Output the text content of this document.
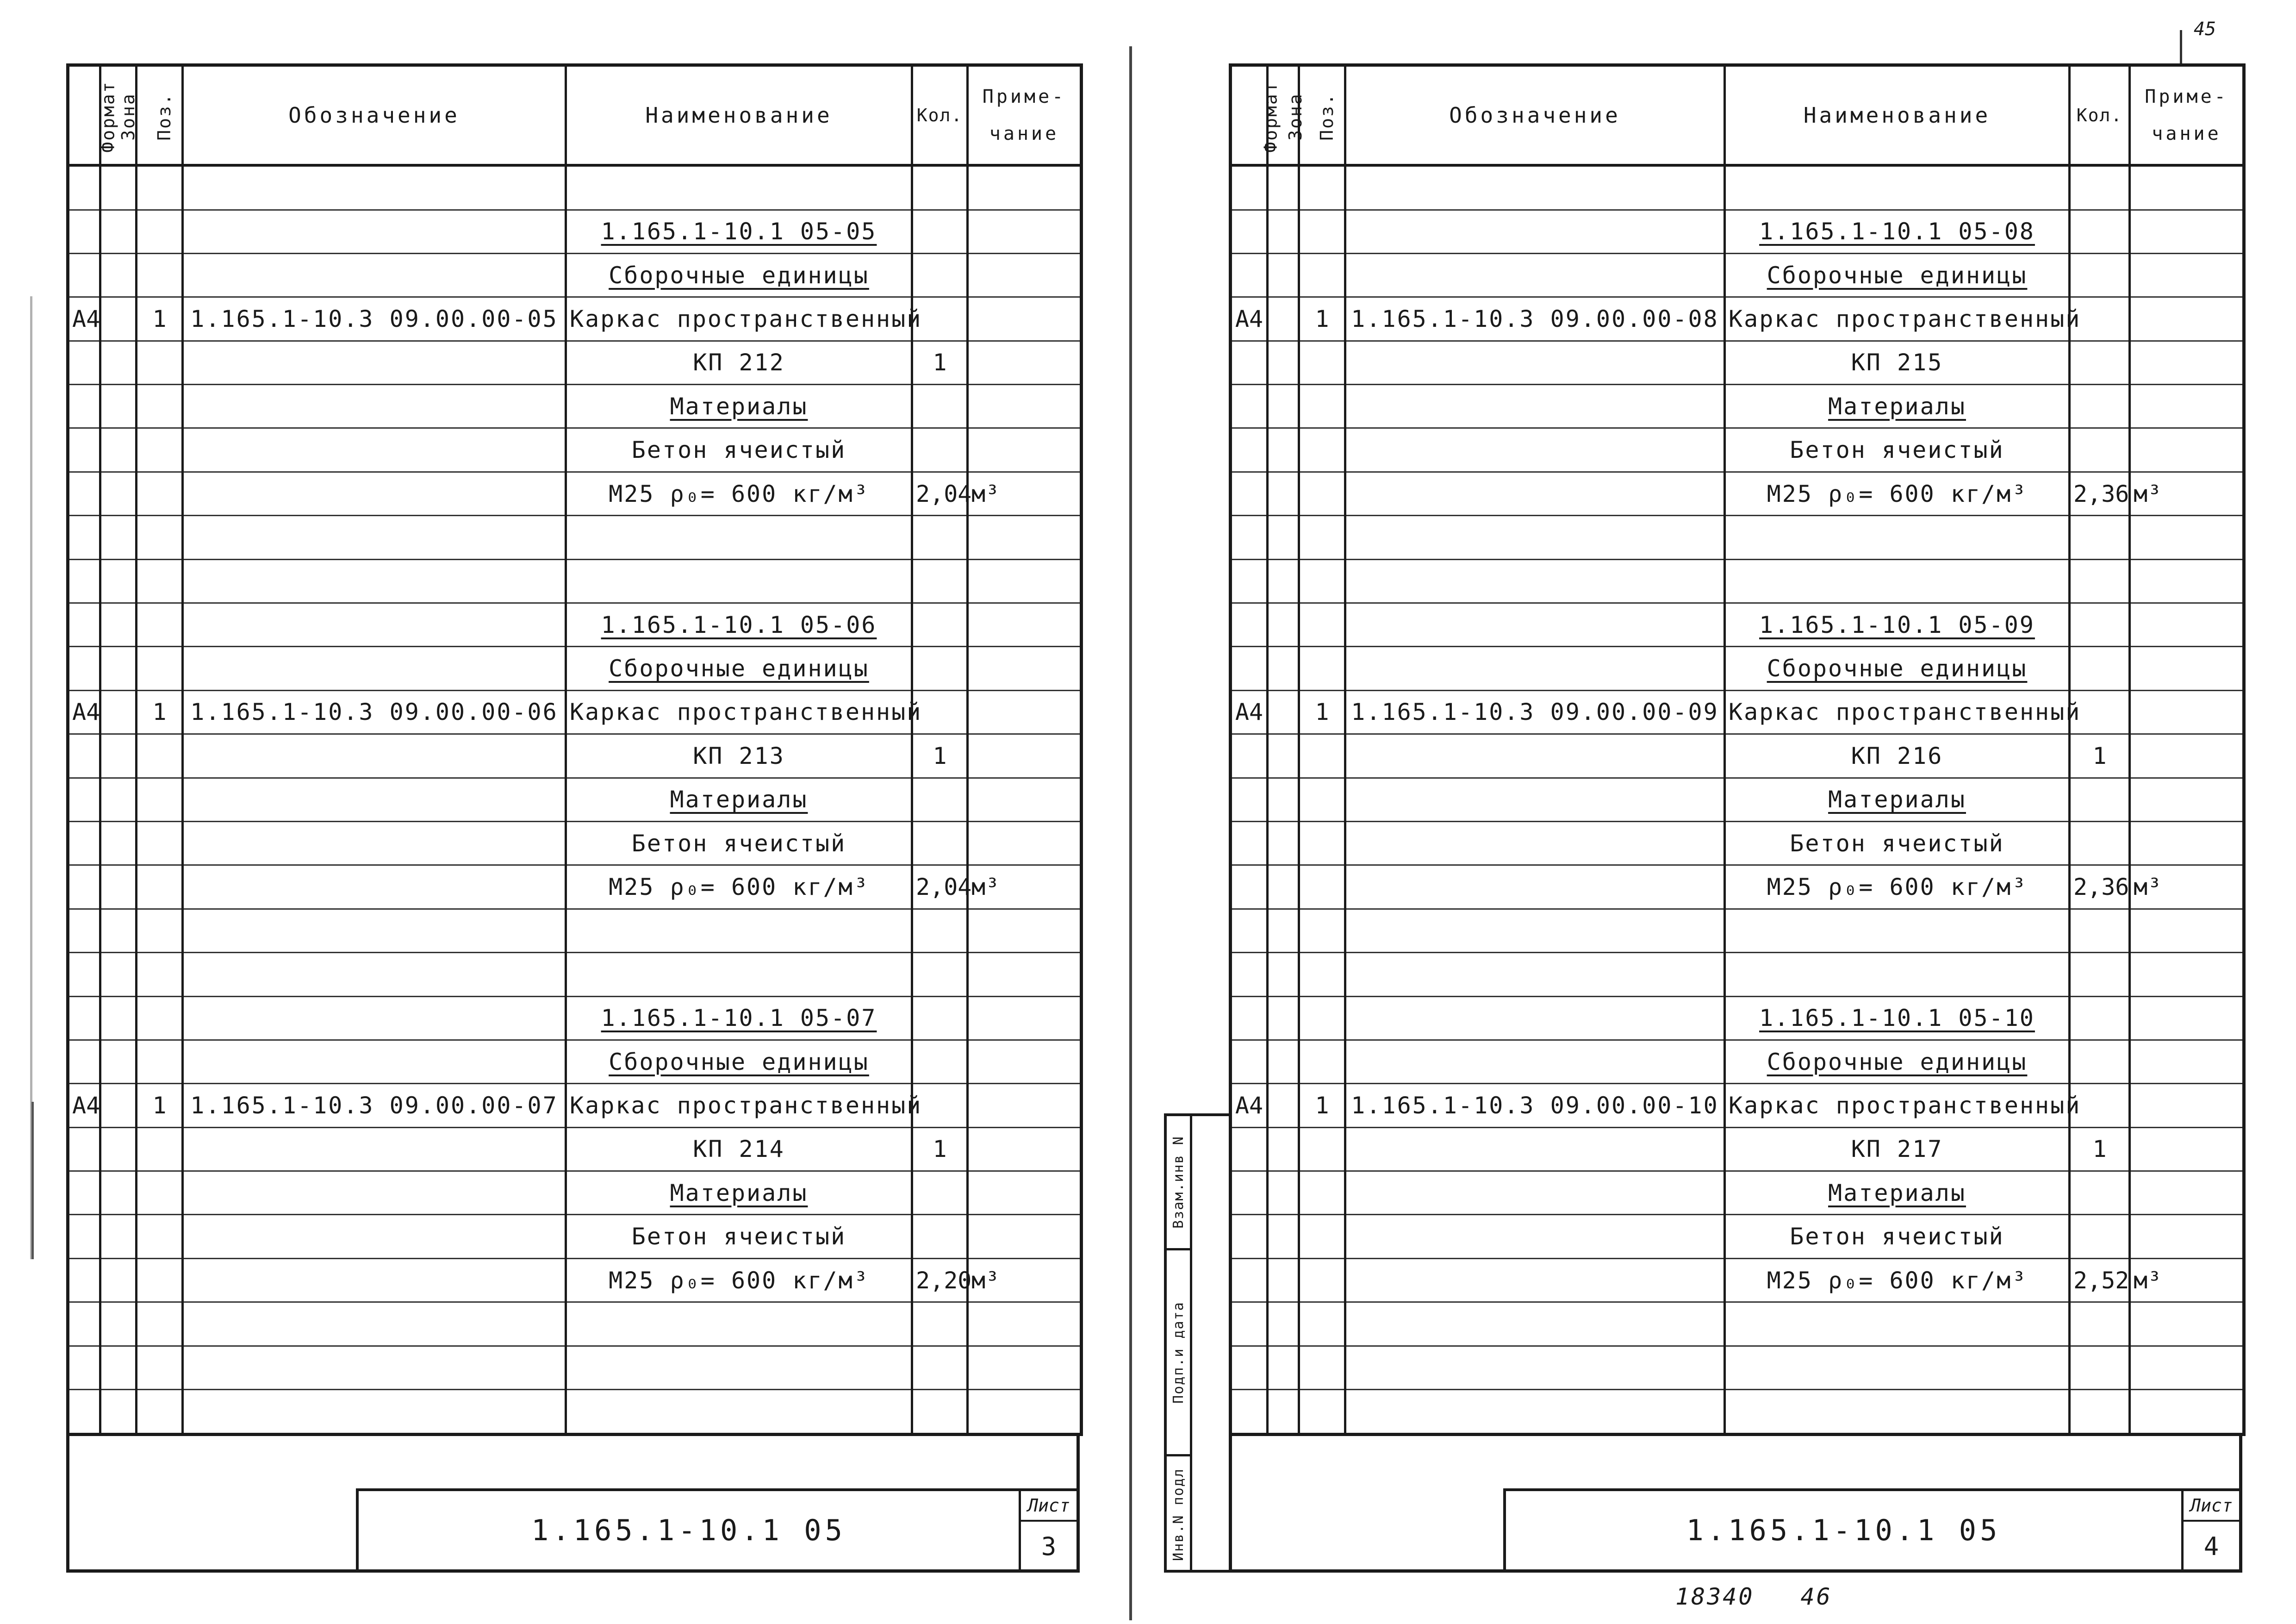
45
Формат	Зона	Поз.	Обозначение	Наименование	Кол.	Приме-чание

				1.165.1-10.1 05-05		
				Сборочные единицы		
А4		1	1.165.1-10.3 09.00.00-05	Каркас пространственный		
				КП 212	1	
				Материалы		
				Бетон ячеистый		
				М25 ρ₀= 600 кг/м³	2,04	м³

				1.165.1-10.1 05-06		
				Сборочные единицы		
А4		1	1.165.1-10.3 09.00.00-06	Каркас пространственный		
				КП 213	1	
				Материалы		
				Бетон ячеистый		
				М25 ρ₀= 600 кг/м³	2,04	м³

				1.165.1-10.1 05-07		
				Сборочные единицы		
А4		1	1.165.1-10.3 09.00.00-07	Каркас пространственный		
				КП 214	1	
				Материалы		
				Бетон ячеистый		
				М25 ρ₀= 600 кг/м³	2,20	м³

1.165.1-10.1 05
Лист
3
Взам.инв N
Подп.и дата
Инв.N подл
Формат	Зона	Поз.	Обозначение	Наименование	Кол.	Приме-чание

				1.165.1-10.1 05-08		
				Сборочные единицы		
А4		1	1.165.1-10.3 09.00.00-08	Каркас пространственный		
				КП 215		
				Материалы		
				Бетон ячеистый		
				М25 ρ₀= 600 кг/м³	2,36	м³

				1.165.1-10.1 05-09		
				Сборочные единицы		
А4		1	1.165.1-10.3 09.00.00-09	Каркас пространственный		
				КП 216	1	
				Материалы		
				Бетон ячеистый		
				М25 ρ₀= 600 кг/м³	2,36	м³

				1.165.1-10.1 05-10		
				Сборочные единицы		
А4		1	1.165.1-10.3 09.00.00-10	Каркас пространственный		
				КП 217	1	
				Материалы		
				Бетон ячеистый		
				М25 ρ₀= 600 кг/м³	2,52	м³

1.165.1-10.1 05
Лист
4
18340 46
